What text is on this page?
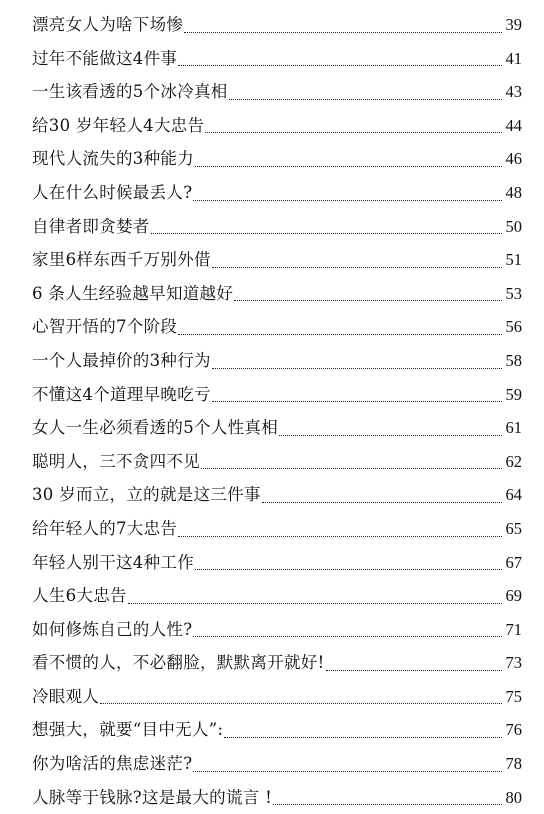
漂亮女人为啥下场惨	39
过年不能做这4件事	41
一生该看透的5个冰冷真相	43
给30 岁年轻人4大忠告	44
现代人流失的3种能力	46
人在什么时候最丢人?	48
自律者即贪婪者	50
家里6样东西千万别外借	51
6 条人生经验越早知道越好	53
心智开悟的7个阶段	56
一个人最掉价的3种行为	58
不懂这4个道理早晚吃亏	59
女人一生必须看透的5个人性真相	61
聪明人，三不贪四不见	62
30 岁而立，立的就是这三件事	64
给年轻人的7大忠告	65
年轻人别干这4种工作	67
人生6大忠告	69
如何修炼自己的人性?	71
看不惯的人，不必翻脸，默默离开就好!	73
冷眼观人	75
想强大，就要“目中无人”:	76
你为啥活的焦虑迷茫?	78
人脉等于钱脉?这是最大的谎言 !	80
